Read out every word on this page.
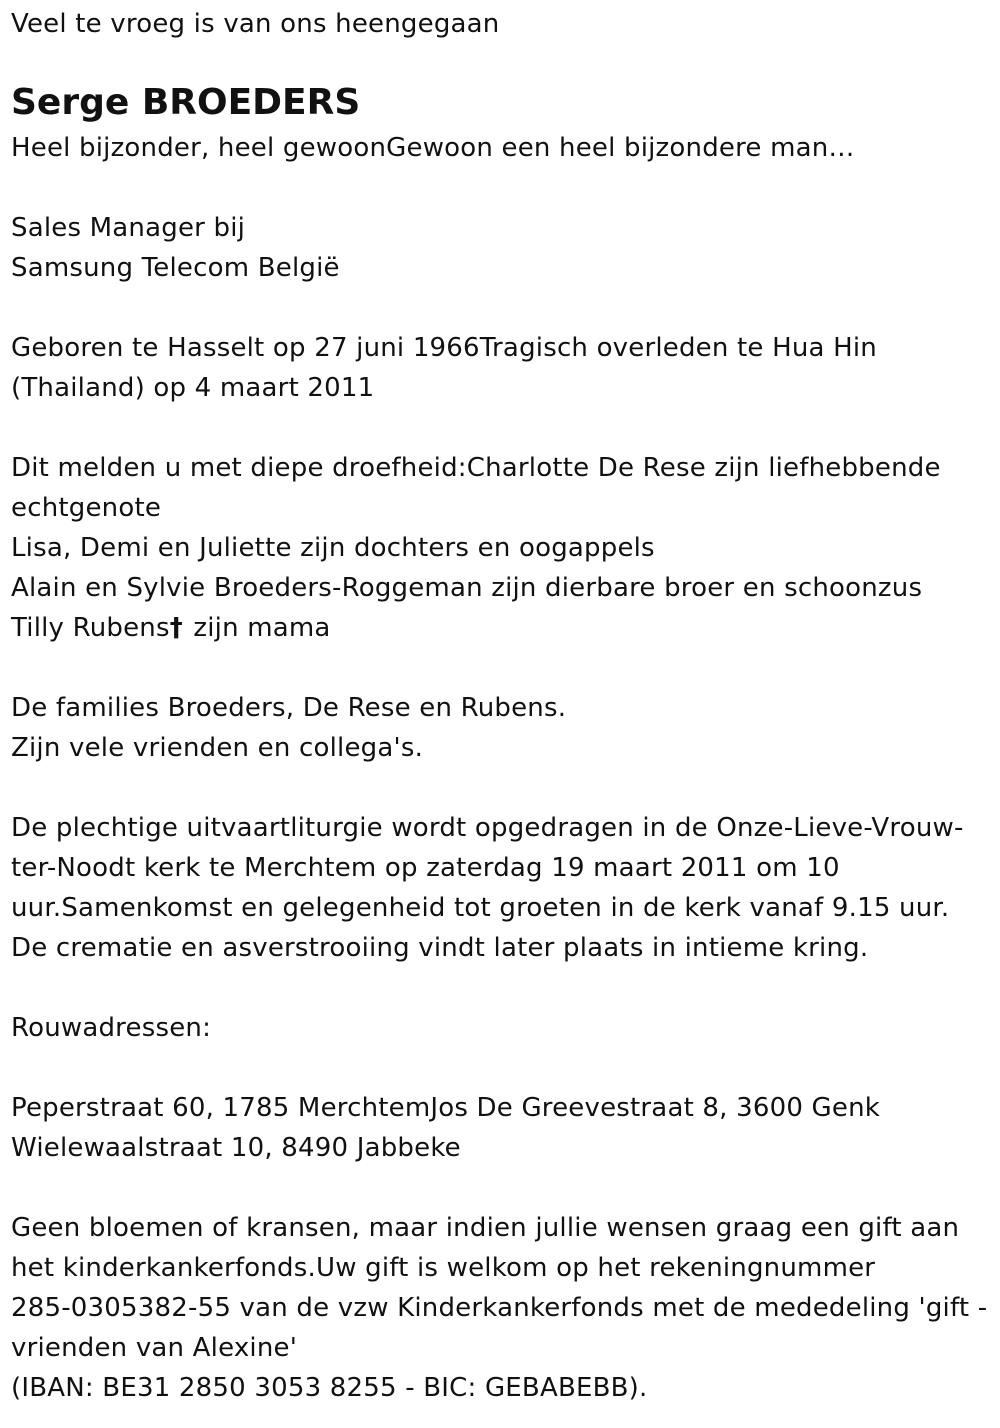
Veel te vroeg is van ons heengegaan
Serge BROEDERS
Heel bijzonder, heel gewoonGewoon een heel bijzondere man…
Sales Manager bij
Samsung Telecom België
Geboren te Hasselt op 27 juni 1966Tragisch overleden te Hua Hin
(Thailand) op 4 maart 2011
Dit melden u met diepe droefheid:Charlotte De Rese zijn liefhebbende
echtgenote
Lisa, Demi en Juliette zijn dochters en oogappels
Alain en Sylvie Broeders-Roggeman zijn dierbare broer en schoonzus
Tilly Rubens† zijn mama
De families Broeders, De Rese en Rubens.
Zijn vele vrienden en collega's.
De plechtige uitvaartliturgie wordt opgedragen in de Onze-Lieve-Vrouw-
ter-Noodt kerk te Merchtem op zaterdag 19 maart 2011 om 10
uur.Samenkomst en gelegenheid tot groeten in de kerk vanaf 9.15 uur.
De crematie en asverstrooiing vindt later plaats in intieme kring.
Rouwadressen:
Peperstraat 60, 1785 MerchtemJos De Greevestraat 8, 3600 Genk
Wielewaalstraat 10, 8490 Jabbeke
Geen bloemen of kransen, maar indien jullie wensen graag een gift aan
het kinderkankerfonds.Uw gift is welkom op het rekeningnummer
285-0305382-55 van de vzw Kinderkankerfonds met de mededeling 'gift -
vrienden van Alexine'
(IBAN: BE31 2850 3053 8255 - BIC: GEBABEBB).
